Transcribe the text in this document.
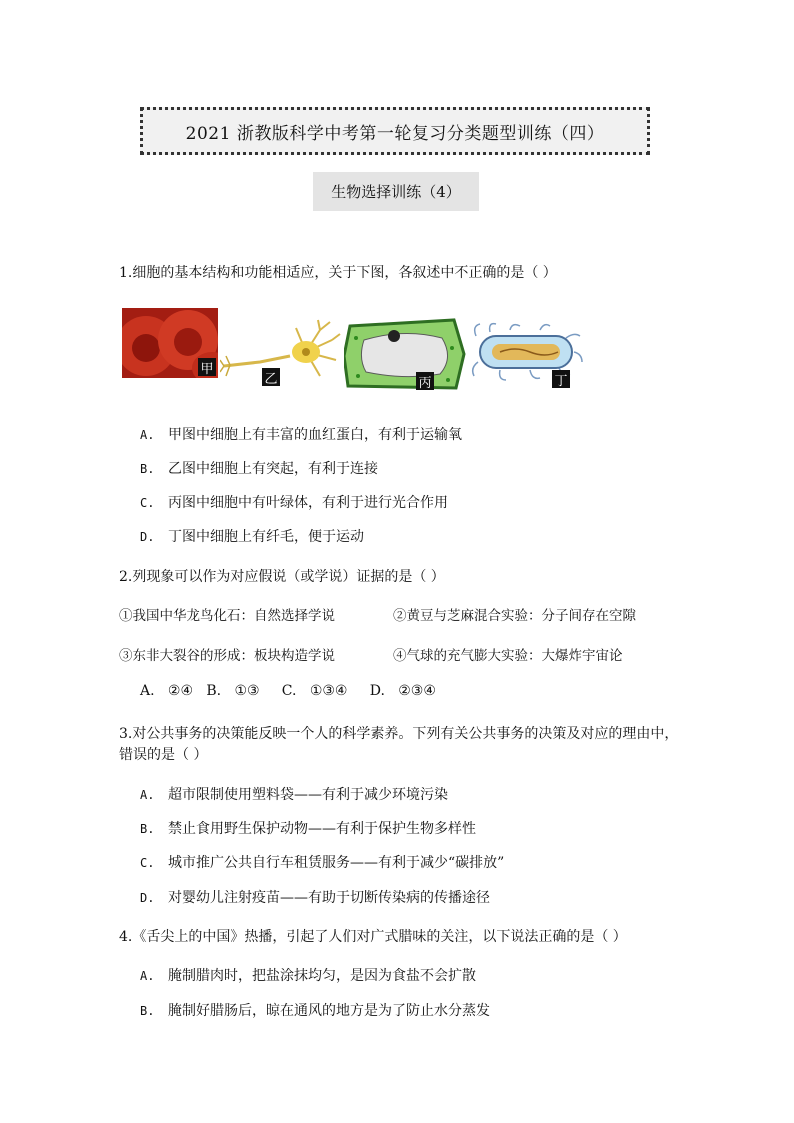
2021 浙教版科学中考第一轮复习分类题型训练（四）
生物选择训练（4）
1.细胞的基本结构和功能相适应，关于下图，各叙述中不正确的是（ ）
甲
乙	丙	丁
A. 甲图中细胞上有丰富的血红蛋白，有利于运输氧
B. 乙图中细胞上有突起，有利于连接
C. 丙图中细胞中有叶绿体，有利于进行光合作用
D. 丁图中细胞上有纤毛，便于运动
2.列现象可以作为对应假说（或学说）证据的是（ ）
①我国中华龙鸟化石：自然选择学说	②黄豆与芝麻混合实验：分子间存在空隙
③东非大裂谷的形成：板块构造学说	④气球的充气膨大实验：大爆炸宇宙论
A.   ②④   B.   ①③     C.   ①③④     D.   ②③④
3.对公共事务的决策能反映一个人的科学素养。下列有关公共事务的决策及对应的理由中，
错误的是（ ）
A. 超市限制使用塑料袋——有利于减少环境污染
B. 禁止食用野生保护动物——有利于保护生物多样性
C. 城市推广公共自行车租赁服务——有利于减少“碳排放”
D. 对婴幼儿注射疫苗——有助于切断传染病的传播途径
4.《舌尖上的中国》热播，引起了人们对广式腊味的关注，以下说法正确的是（ ）
A. 腌制腊肉时，把盐涂抹均匀，是因为食盐不会扩散
B. 腌制好腊肠后，晾在通风的地方是为了防止水分蒸发
